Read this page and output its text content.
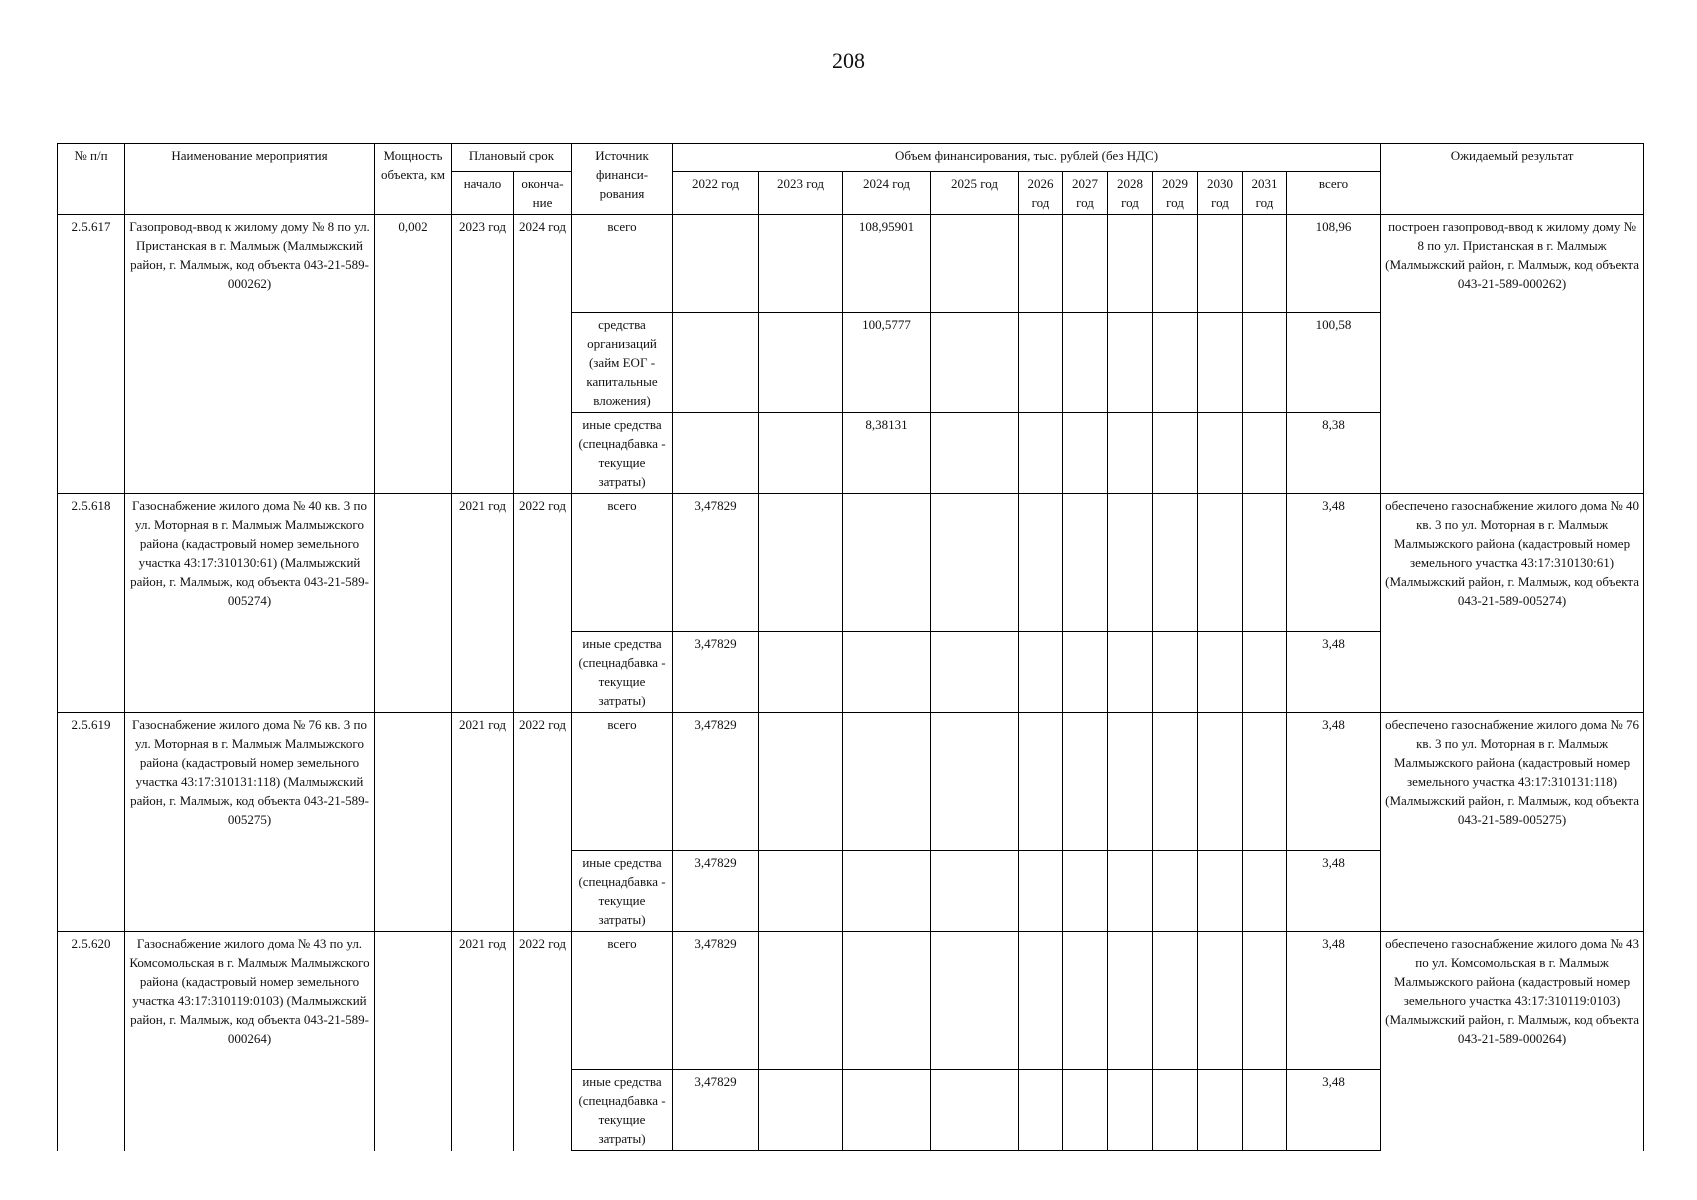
208
№ п/п	Наименование мероприятия	Мощность объекта, км	Плановый срок		Источник финанси-рования	Объем финансирования, тыс. рублей (без НДС)											Ожидаемый результат
			начало	оконча-ние		2022 год	2023 год	2024 год	2025 год	2026 год	2027 год	2028 год	2029 год	2030 год	2031 год	всего	
2.5.617	Газопровод-ввод к жилому дому № 8 по ул. Пристанская в г. Малмыж (Малмыжский район, г. Малмыж, код объекта 043-21-589-000262)	0,002	2023 год	2024 год	всего			108,95901								108,96	построен газопровод-ввод к жилому дому № 8 по ул. Пристанская в г. Малмыж (Малмыжский район, г. Малмыж, код объекта 043-21-589-000262)
					средства организаций (займ ЕОГ - капитальные вложения)			100,5777								100,58	
					иные средства (спецнадбавка - текущие затраты)			8,38131								8,38	
2.5.618	Газоснабжение жилого дома № 40 кв. 3 по ул. Моторная в г. Малмыж Малмыжского района (кадастровый номер земельного участка 43:17:310130:61) (Малмыжский район, г. Малмыж, код объекта 043-21-589-005274)		2021 год	2022 год	всего	3,47829										3,48	обеспечено газоснабжение жилого дома № 40 кв. 3 по ул. Моторная в г. Малмыж Малмыжского района (кадастровый номер земельного участка 43:17:310130:61) (Малмыжский район, г. Малмыж, код объекта 043-21-589-005274)
					иные средства (спецнадбавка - текущие затраты)	3,47829										3,48	
2.5.619	Газоснабжение жилого дома № 76 кв. 3 по ул. Моторная в г. Малмыж Малмыжского района (кадастровый номер земельного участка 43:17:310131:118) (Малмыжский район, г. Малмыж, код объекта 043-21-589-005275)		2021 год	2022 год	всего	3,47829										3,48	обеспечено газоснабжение жилого дома № 76 кв. 3 по ул. Моторная в г. Малмыж Малмыжского района (кадастровый номер земельного участка 43:17:310131:118) (Малмыжский район, г. Малмыж, код объекта 043-21-589-005275)
					иные средства (спецнадбавка - текущие затраты)	3,47829										3,48	
2.5.620	Газоснабжение жилого дома № 43 по ул. Комсомольская в г. Малмыж Малмыжского района (кадастровый номер земельного участка 43:17:310119:0103) (Малмыжский район, г. Малмыж, код объекта 043-21-589-000264)		2021 год	2022 год	всего	3,47829										3,48	обеспечено газоснабжение жилого дома № 43 по ул. Комсомольская в г. Малмыж Малмыжского района (кадастровый номер земельного участка 43:17:310119:0103) (Малмыжский район, г. Малмыж, код объекта 043-21-589-000264)
					иные средства (спецнадбавка - текущие затраты)	3,47829										3,48	
